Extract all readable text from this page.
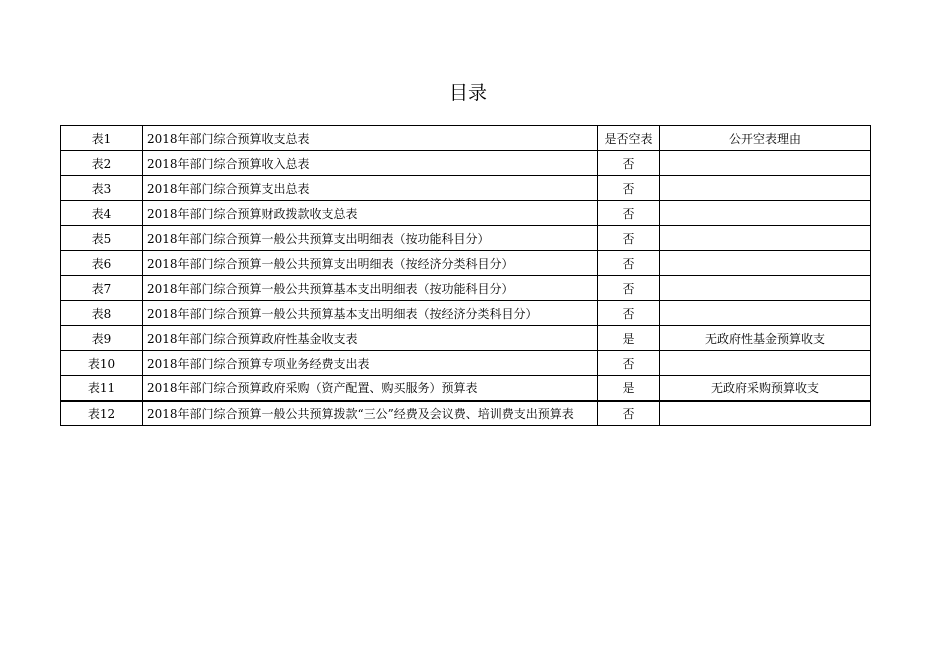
目录
表1	2018年部门综合预算收支总表	是否空表	公开空表理由
表2	2018年部门综合预算收入总表	否	
表3	2018年部门综合预算支出总表	否	
表4	2018年部门综合预算财政拨款收支总表	否	
表5	2018年部门综合预算一般公共预算支出明细表（按功能科目分）	否	
表6	2018年部门综合预算一般公共预算支出明细表（按经济分类科目分）	否	
表7	2018年部门综合预算一般公共预算基本支出明细表（按功能科目分）	否	
表8	2018年部门综合预算一般公共预算基本支出明细表（按经济分类科目分）	否	
表9	2018年部门综合预算政府性基金收支表	是	无政府性基金预算收支
表10	2018年部门综合预算专项业务经费支出表	否	
表11	2018年部门综合预算政府采购（资产配置、购买服务）预算表	是	无政府采购预算收支
表12	2018年部门综合预算一般公共预算拨款“三公”经费及会议费、培训费支出预算表	否	
